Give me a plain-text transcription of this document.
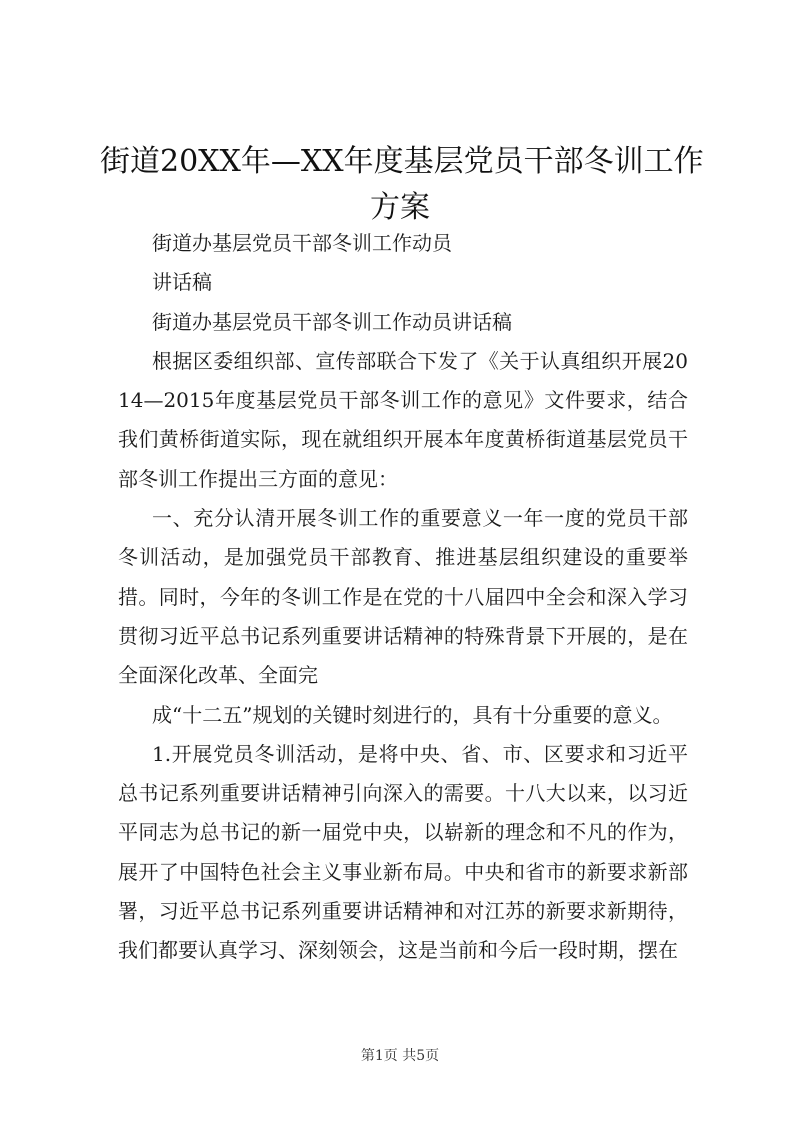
街道20XX年—XX年度基层党员干部冬训工作
方案

街道办基层党员干部冬训工作动员

讲话稿

街道办基层党员干部冬训工作动员讲话稿

根据区委组织部、宣传部联合下发了《关于认真组织开展2014—2015年度基层党员干部冬训工作的意见》文件要求，结合我们黄桥街道实际，现在就组织开展本年度黄桥街道基层党员干部冬训工作提出三方面的意见：

一、充分认清开展冬训工作的重要意义一年一度的党员干部冬训活动，是加强党员干部教育、推进基层组织建设的重要举措。同时，今年的冬训工作是在党的十八届四中全会和深入学习贯彻习近平总书记系列重要讲话精神的特殊背景下开展的，是在全面深化改革、全面完

成“十二五”规划的关键时刻进行的，具有十分重要的意义。

1.开展党员冬训活动，是将中央、省、市、区要求和习近平总书记系列重要讲话精神引向深入的需要。十八大以来，以习近平同志为总书记的新一届党中央，以崭新的理念和不凡的作为，展开了中国特色社会主义事业新布局。中央和省市的新要求新部署，习近平总书记系列重要讲话精神和对江苏的新要求新期待，我们都要认真学习、深刻领会，这是当前和今后一段时期，摆在

第1页 共5页
